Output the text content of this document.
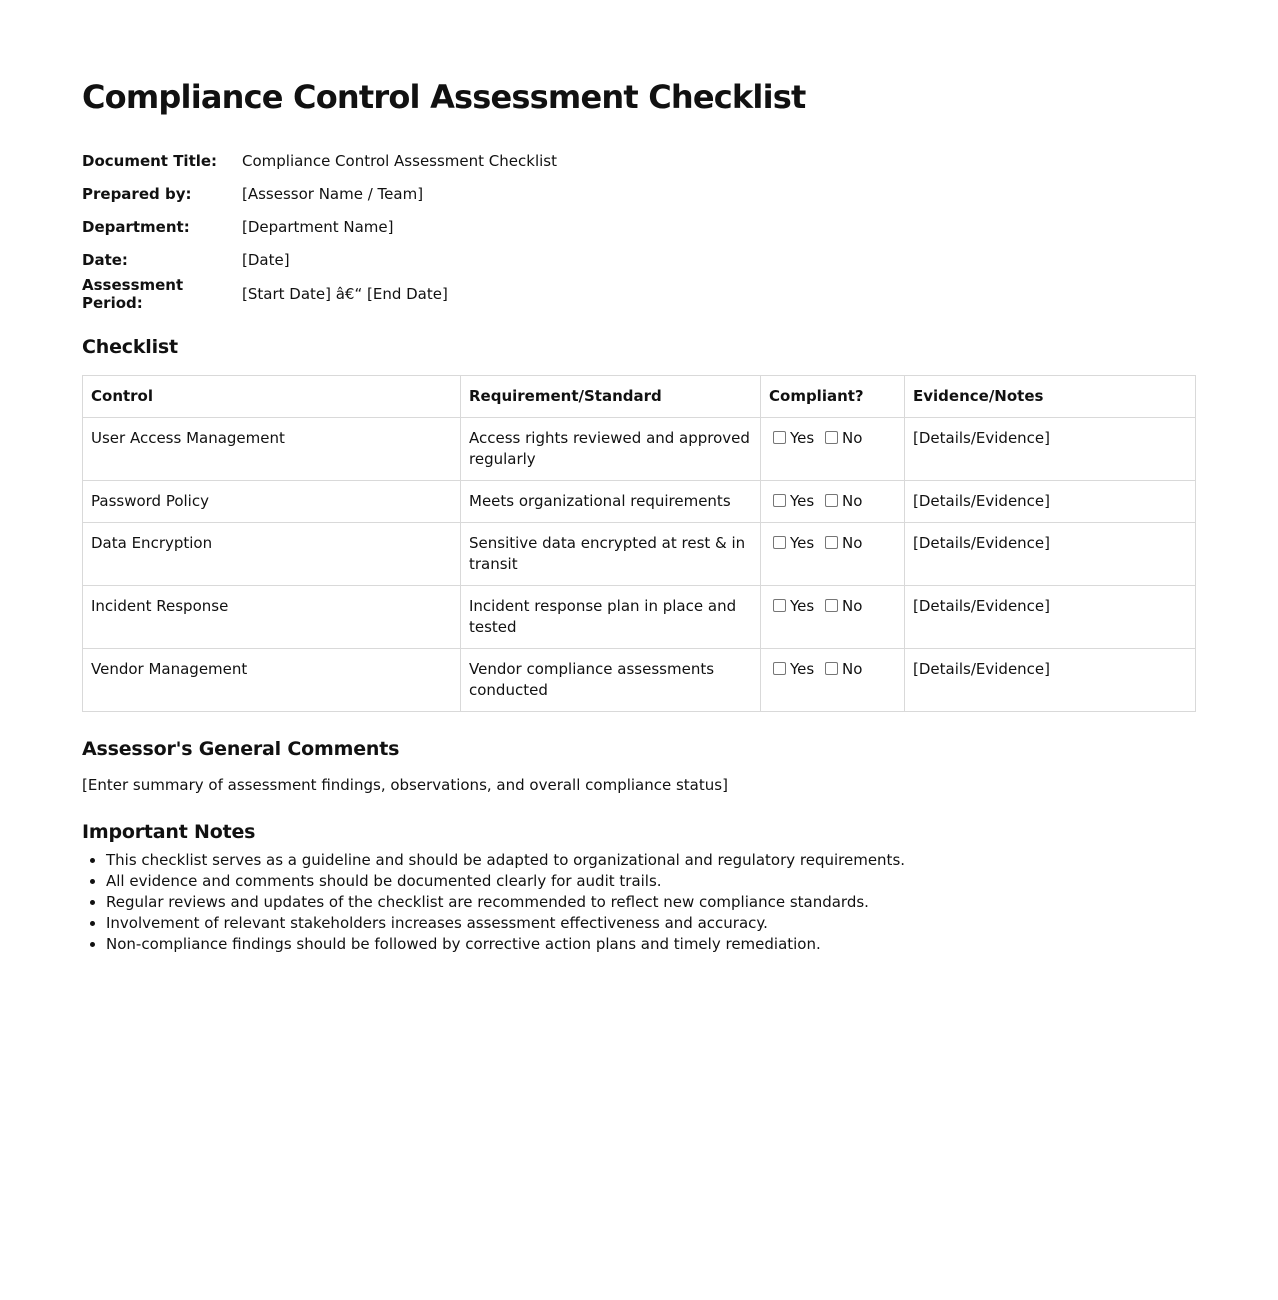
Compliance Control Assessment Checklist
Document Title:	Compliance Control Assessment Checklist
Prepared by:	[Assessor Name / Team]
Department:	[Department Name]
Date:	[Date]
Assessment Period:	[Start Date] â€“ [End Date]
Checklist
Control	Requirement/Standard	Compliant?	Evidence/Notes
User Access Management	Access rights reviewed and approved regularly	Yes No	[Details/Evidence]
Password Policy	Meets organizational requirements	Yes No	[Details/Evidence]
Data Encryption	Sensitive data encrypted at rest & in transit	Yes No	[Details/Evidence]
Incident Response	Incident response plan in place and tested	Yes No	[Details/Evidence]
Vendor Management	Vendor compliance assessments conducted	Yes No	[Details/Evidence]
Assessor's General Comments
[Enter summary of assessment findings, observations, and overall compliance status]
Important Notes
• This checklist serves as a guideline and should be adapted to organizational and regulatory requirements.
• All evidence and comments should be documented clearly for audit trails.
• Regular reviews and updates of the checklist are recommended to reflect new compliance standards.
• Involvement of relevant stakeholders increases assessment effectiveness and accuracy.
• Non-compliance findings should be followed by corrective action plans and timely remediation.
